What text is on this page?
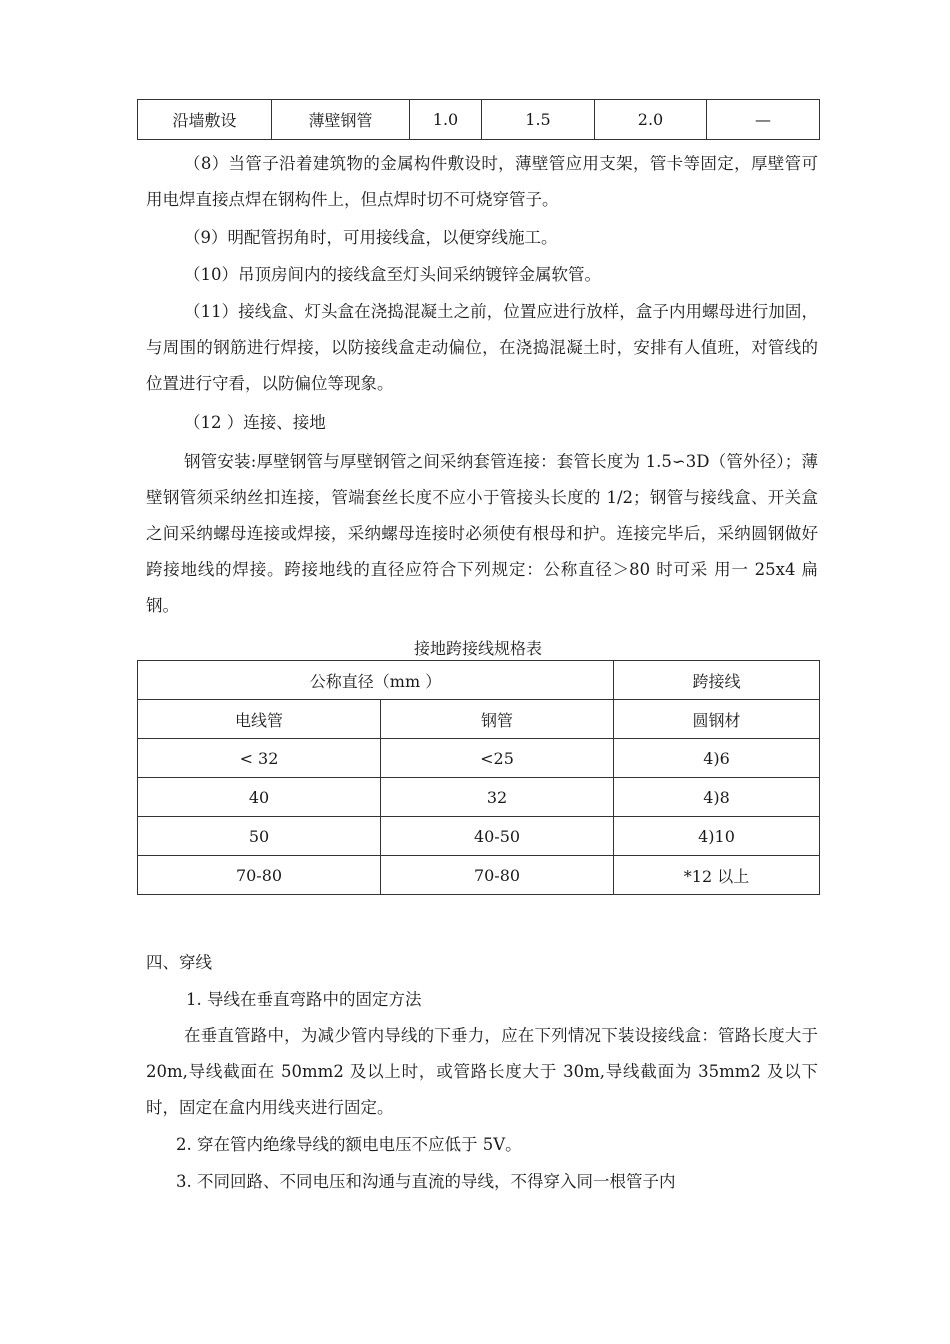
沿墙敷设	薄壁钢管	1.0	1.5	2.0	—

（8）当管子沿着建筑物的金属构件敷设时，薄壁管应用支架，管卡等固定，厚壁管可用电焊直接点焊在钢构件上，但点焊时切不可烧穿管子。

（9）明配管拐角时，可用接线盒，以便穿线施工。

（10）吊顶房间内的接线盒至灯头间采纳镀锌金属软管。

（11）接线盒、灯头盒在浇捣混凝土之前，位置应进行放样，盒子内用螺母进行加固，与周围的钢筋进行焊接，以防接线盒走动偏位，在浇捣混凝土时，安排有人值班，对管线的位置进行守看，以防偏位等现象。

（12 ）连接、接地

钢管安装:厚壁钢管与厚壁钢管之间采纳套管连接：套管长度为 1.5∽3D（管外径）；薄壁钢管须采纳丝扣连接，管端套丝长度不应小于管接头长度的 1/2；钢管与接线盒、开关盒之间采纳螺母连接或焊接，采纳螺母连接时必须使有根母和护。连接完毕后，采纳圆钢做好跨接地线的焊接。跨接地线的直径应符合下列规定：公称直径＞80 时可采 用一 25x4 扁钢。

接地跨接线规格表
公称直径（mm ）		跨接线
电线管	钢管	圆钢材
< 32	<25	4)6
40	32	4)8
50	40-50	4)10
70-80	70-80	*12 以上
四、穿线

1. 导线在垂直弯路中的固定方法

在垂直管路中，为减少管内导线的下垂力，应在下列情况下装设接线盒：管路长度大于 20m,导线截面在 50mm2 及以上时，或管路长度大于 30m,导线截面为 35mm2 及以下时，固定在盒内用线夹进行固定。

2. 穿在管内绝缘导线的额电电压不应低于 5V。

3. 不同回路、不同电压和沟通与直流的导线，不得穿入同一根管子内
